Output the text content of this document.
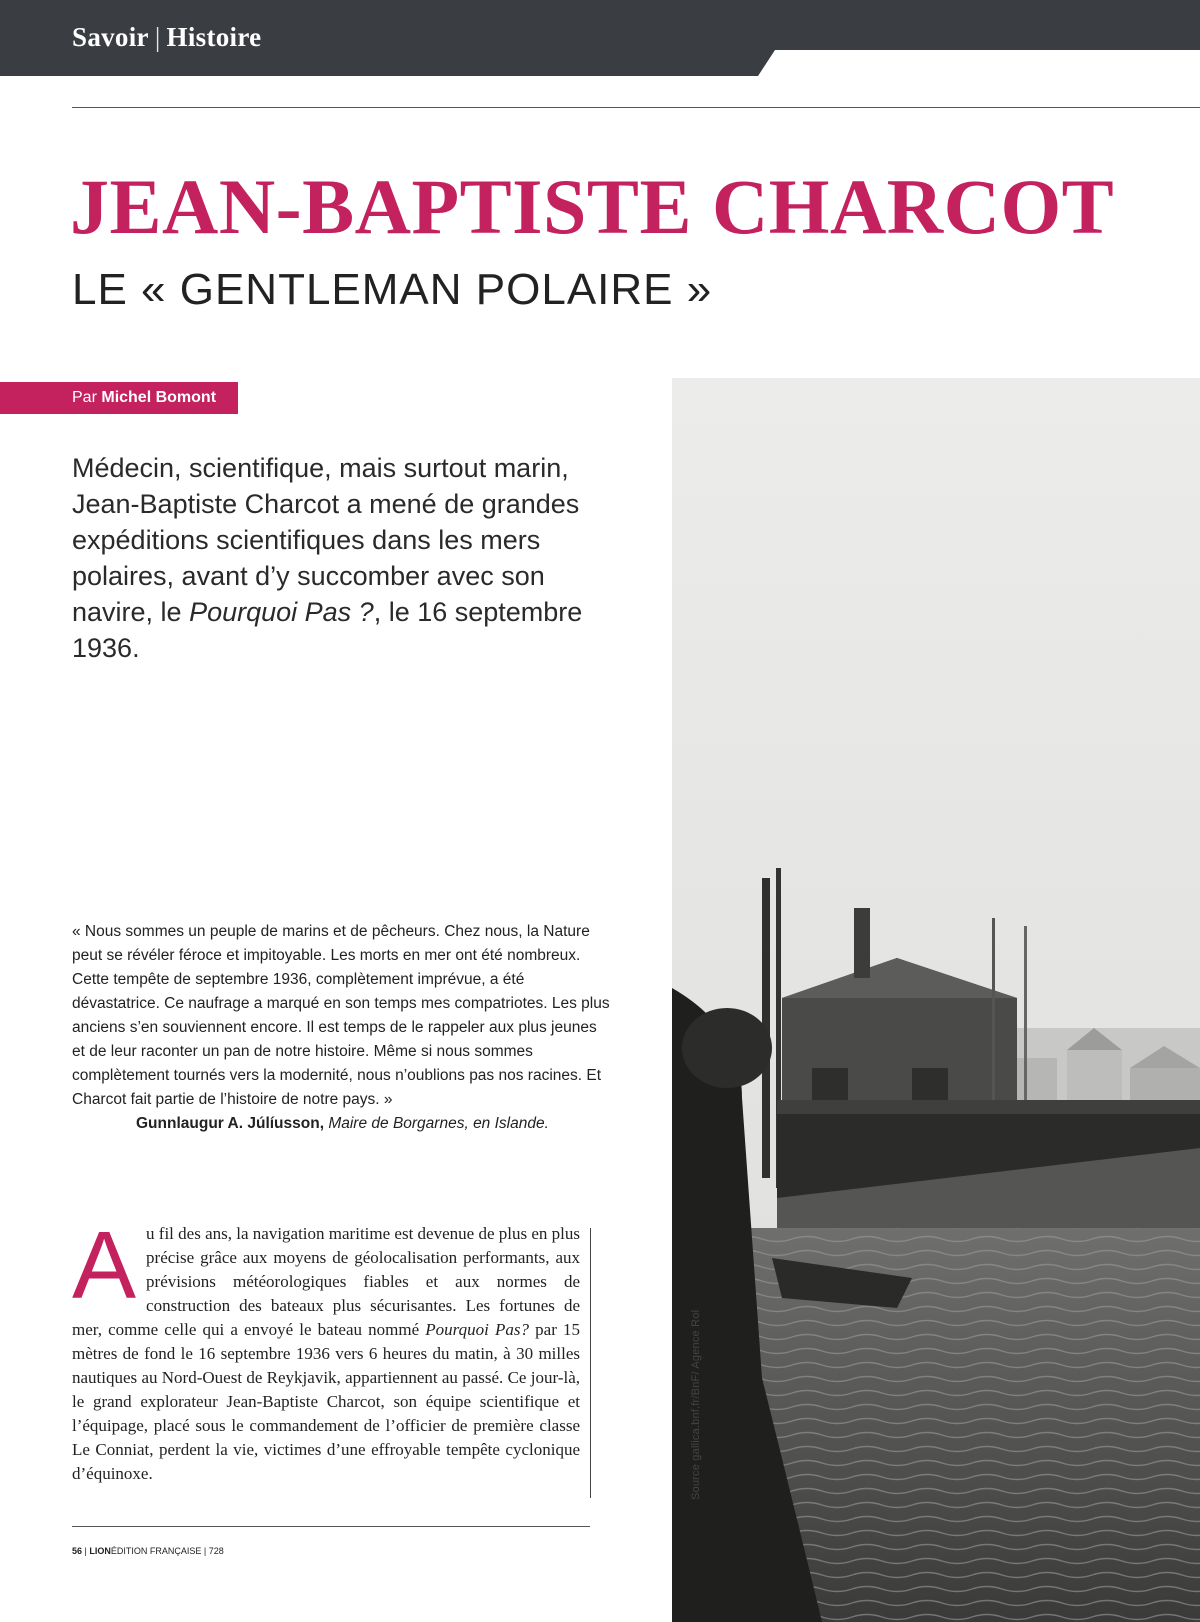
Savoir | Histoire
JEAN-BAPTISTE CHARCOT
LE « GENTLEMAN POLAIRE »
Par Michel Bomont

Médecin, scientifique, mais surtout marin, Jean-Baptiste Charcot a mené de grandes expéditions scientifiques dans les mers polaires, avant d’y succomber avec son navire, le Pourquoi Pas ?, le 16 septembre 1936.

« Nous sommes un peuple de marins et de pêcheurs. Chez nous, la Nature peut se révéler féroce et impitoyable. Les morts en mer ont été nombreux. Cette tempête de septembre 1936, complètement imprévue, a été dévastatrice. Ce naufrage a marqué en son temps mes compatriotes. Les plus anciens s’en souviennent encore. Il est temps de le rappeler aux plus jeunes et de leur raconter un pan de notre histoire. Même si nous sommes complètement tournés vers la modernité, nous n’oublions pas nos racines. Et Charcot fait partie de l’histoire de notre pays. »

Gunnlaugur A. Júlíusson, Maire de Borgarnes, en Islande.

A u fil des ans, la navigation maritime est devenue de plus en plus précise grâce aux moyens de géolocalisation performants, aux prévisions météorologiques fiables et aux normes de construction des bateaux plus sécurisantes. Les fortunes de mer, comme celle qui a envoyé le bateau nommé Pourquoi Pas? par 15 mètres de fond le 16 septembre 1936 vers 6 heures du matin, à 30 milles nautiques au Nord-Ouest de Reykjavik, appartiennent au passé. Ce jour-là, le grand explorateur Jean-Baptiste Charcot, son équipe scientifique et l’équipage, placé sous le commandement de l’officier de première classe Le Conniat, perdent la vie, victimes d’une effroyable tempête cyclonique d’équinoxe.	Source gallica.bnf.fr/BnF/ Agence Rol
56 | LIONÉDITION FRANÇAISE | 728
